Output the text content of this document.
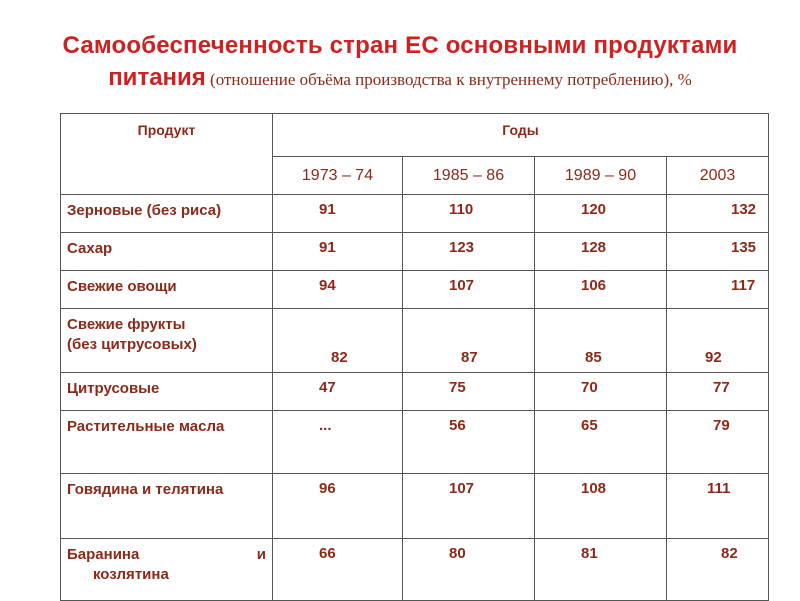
Самообеспеченность стран ЕС основными продуктами
питания (отношение объёма производства к внутреннему потреблению), %
Продукт	Годы			
	1973 – 74	1985 – 86	1989 – 90	2003
Зерновые (без риса)	91	110	120	132
Сахар	91	123	128	135
Свежие овощи	94	107	106	117

Свежие фрукты
(без цитрусовых)	82	87	85	92
Цитрусовые	47	75	70	77
Растительные масла	...	56	65	79
Говядина и телятина	96	107	108	111

Баранина и
козлятина	66	80	81	82
